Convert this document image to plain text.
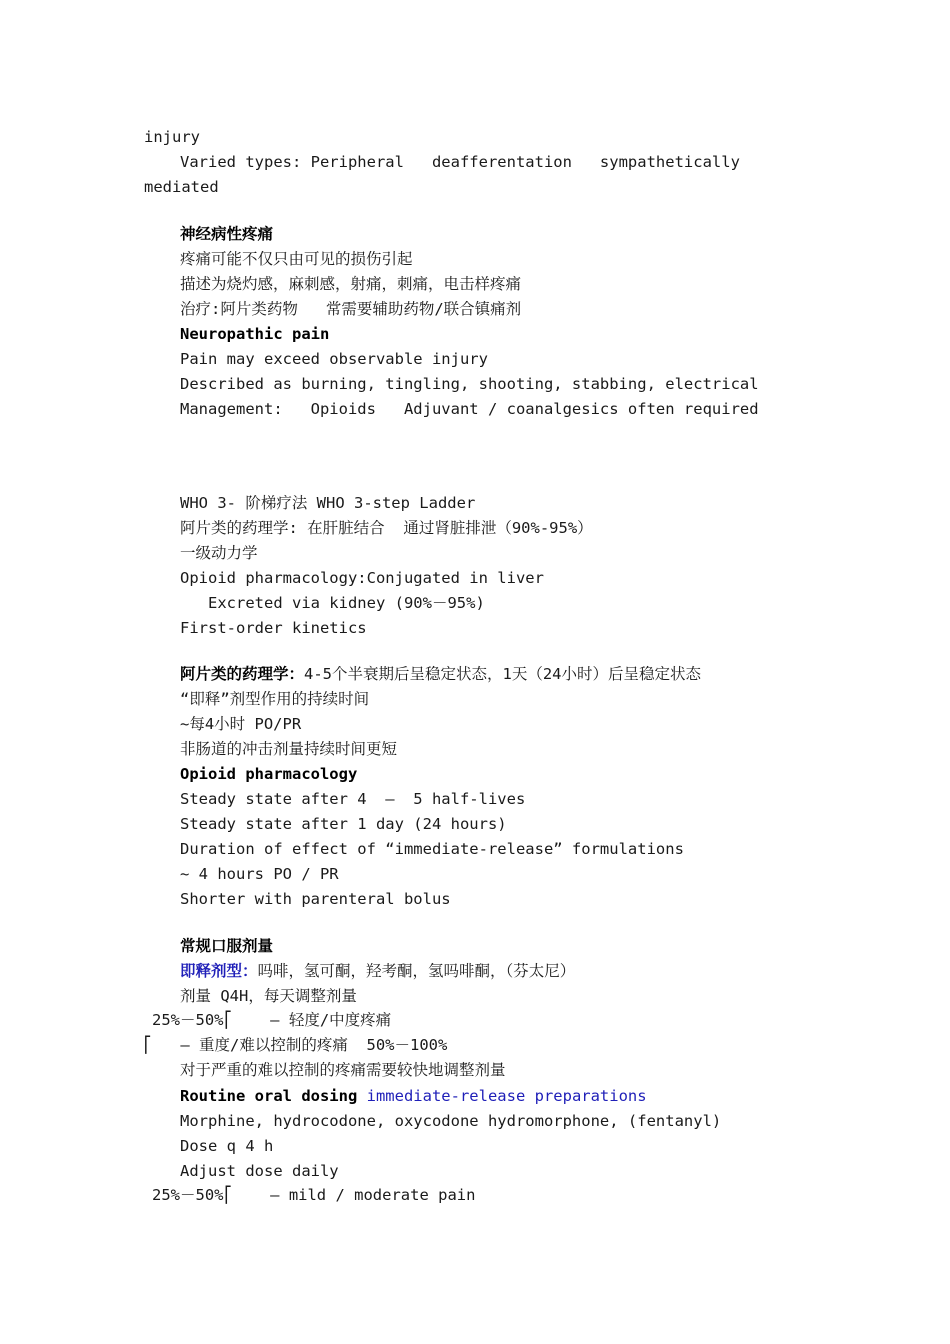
injury
Varied types: Peripheral   deafferentation   sympathetically
mediated
神经病性疼痛
疼痛可能不仅只由可见的损伤引起
描述为烧灼感，麻刺感，射痛，刺痛，电击样疼痛
治疗:阿片类药物   常需要辅助药物/联合镇痛剂
Neuropathic pain
Pain may exceed observable injury
Described as burning, tingling, shooting, stabbing, electrical
Management:   Opioids   Adjuvant / coanalgesics often required
WHO 3- 阶梯疗法 WHO 3-step Ladder
阿片类的药理学: 在肝脏结合  通过肾脏排泄（90%-95%）
一级动力学
Opioid pharmacology:Conjugated in liver
Excreted via kidney (90%－95%)
First-order kinetics
阿片类的药理学：4-5个半衰期后呈稳定状态，1天（24小时）后呈稳定状态
“即释”剂型作用的持续时间
~每4小时 PO/PR
非肠道的冲击剂量持续时间更短
Opioid pharmacology
Steady state after 4  –  5 half-lives
Steady state after 1 day (24 hours)
Duration of effect of “immediate-release” formulations
~ 4 hours PO / PR
Shorter with parenteral bolus
常规口服剂量
即释剂型：吗啡，氢可酮，羟考酮，氢吗啡酮，（芬太尼）
剂量 Q4H，每天调整剂量
25%－50%⎡    – 轻度/中度疼痛
⎡   – 重度/难以控制的疼痛  50%－100%
对于严重的难以控制的疼痛需要较快地调整剂量
Routine oral dosing immediate-release preparations
Morphine, hydrocodone, oxycodone hydromorphone, (fentanyl)
Dose q 4 h
Adjust dose daily
25%－50%⎡    – mild / moderate pain
